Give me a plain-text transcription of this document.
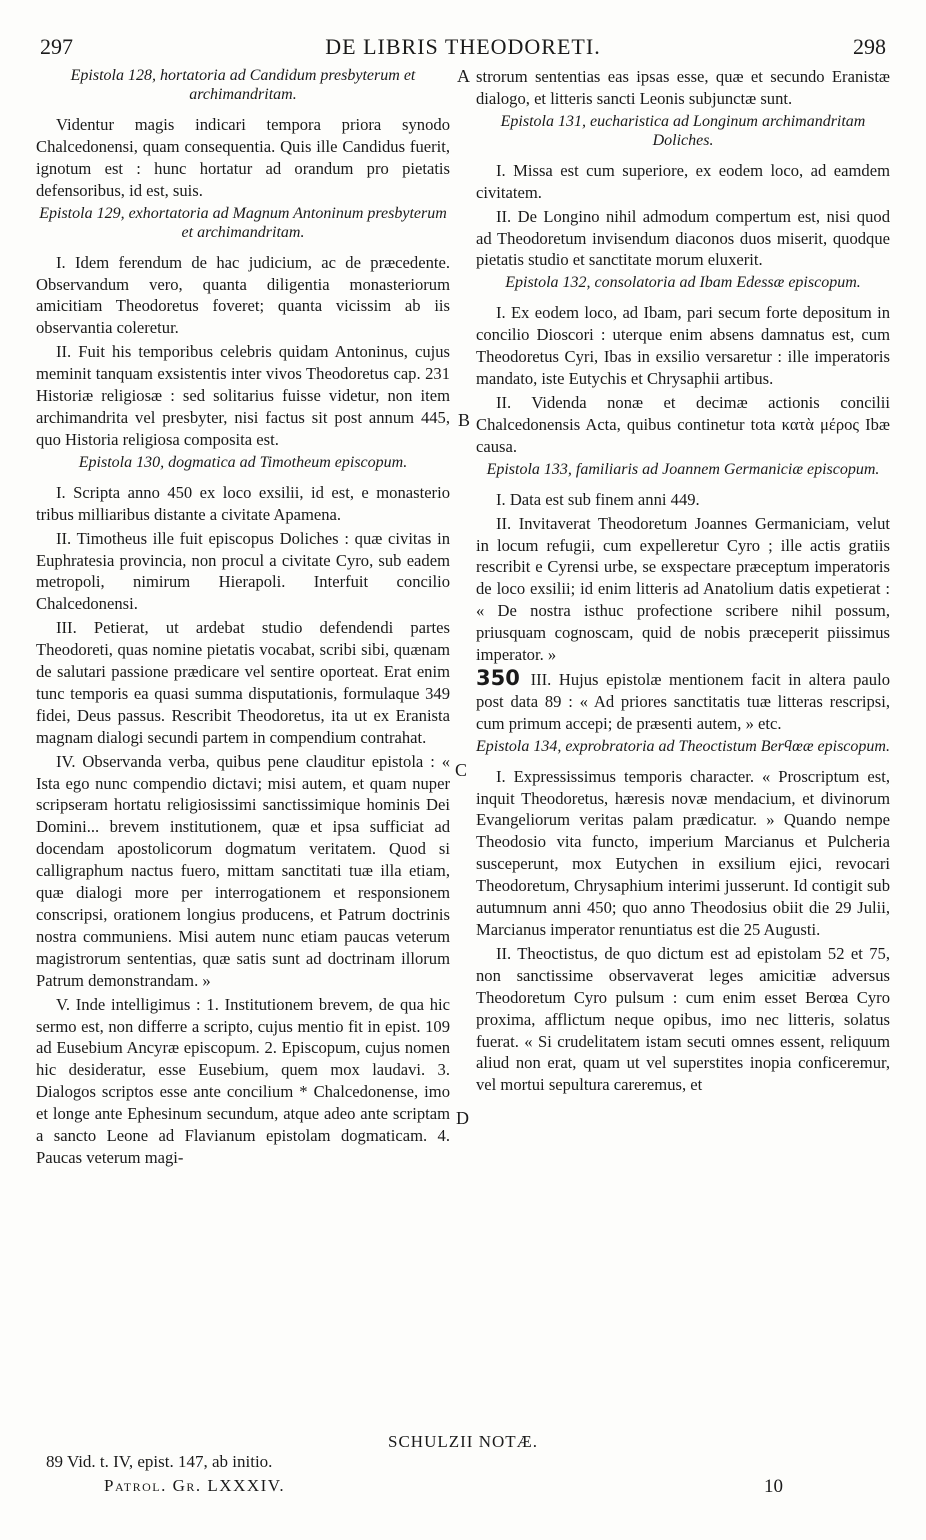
297	DE LIBRIS THEODORETI.	298
A
B
C
D

Epistola 128, hortatoria ad Candidum presbyterum et archimandritam.

Videntur magis indicari tempora priora synodo Chalcedonensi, quam consequentia. Quis ille Candidus fuerit, ignotum est : hunc hortatur ad orandum pro pietatis defensoribus, id est, suis.

Epistola 129, exhortatoria ad Magnum Antoninum presbyterum et archimandritam.

I. Idem ferendum de hac judicium, ac de præcedente. Observandum vero, quanta diligentia monasteriorum amicitiam Theodoretus foveret; quanta vicissim ab iis observantia coleretur.

II. Fuit his temporibus celebris quidam Antoninus, cujus meminit tanquam exsistentis inter vivos Theodoretus cap. 231 Historiæ religiosæ : sed solitarius fuisse videtur, non item archimandrita vel presbyter, nisi factus sit post annum 445, quo Historia religiosa composita est.

Epistola 130, dogmatica ad Timotheum episcopum.

I. Scripta anno 450 ex loco exsilii, id est, e monasterio tribus milliaribus distante a civitate Apamena.

II. Timotheus ille fuit episcopus Doliches : quæ civitas in Euphratesia provincia, non procul a civitate Cyro, sub eadem metropoli, nimirum Hierapoli. Interfuit concilio Chalcedonensi.

III. Petierat, ut ardebat studio defendendi partes Theodoreti, quas nomine pietatis vocabat, scribi sibi, quænam de salutari passione prædicare vel sentire oporteat. Erat enim tunc temporis ea quasi summa disputationis, formulaque 349 fidei, Deus passus. Rescribit Theodoretus, ita ut ex Eranista magnam dialogi secundi partem in compendium contrahat.

IV. Observanda verba, quibus pene clauditur epistola : « Ista ego nunc compendio dictavi; misi autem, et quam nuper scripseram hortatu religiosissimi sanctissimique hominis Dei Domini... brevem institutionem, quæ et ipsa sufficiat ad docendam apostolicorum dogmatum veritatem. Quod si calligraphum nactus fuero, mittam sanctitati tuæ illa etiam, quæ dialogi more per interrogationem et responsionem conscripsi, orationem longius producens, et Patrum doctrinis nostra communiens. Misi autem nunc etiam paucas veterum magistrorum sententias, quæ satis sunt ad doctrinam illorum Patrum demonstrandam. »

V. Inde intelligimus : 1. Institutionem brevem, de qua hic sermo est, non differre a scripto, cujus mentio fit in epist. 109 ad Eusebium Ancyræ episcopum. 2. Episcopum, cujus nomen hic desideratur, esse Eusebium, quem mox laudavi. 3. Dialogos scriptos esse ante concilium * Chalcedonense, imo et longe ante Ephesinum secundum, atque adeo ante scriptam a sancto Leone ad Flavianum epistolam dogmaticam. 4. Paucas veterum magi-

strorum sententias eas ipsas esse, quæ et secundo Eranistæ dialogo, et litteris sancti Leonis subjunctæ sunt.

Epistola 131, eucharistica ad Longinum archimandritam Doliches.

I. Missa est cum superiore, ex eodem loco, ad eamdem civitatem.

II. De Longino nihil admodum compertum est, nisi quod ad Theodoretum invisendum diaconos duos miserit, quodque pietatis studio et sanctitate morum eluxerit.

Epistola 132, consolatoria ad Ibam Edessæ episcopum.

I. Ex eodem loco, ad Ibam, pari secum forte depositum in concilio Dioscori : uterque enim absens damnatus est, cum Theodoretus Cyri, Ibas in exsilio versaretur : ille imperatoris mandato, iste Eutychis et Chrysaphii artibus.

II. Videnda nonæ et decimæ actionis concilii Chalcedonensis Acta, quibus continetur tota κατὰ μέρος Ibæ causa.

Epistola 133, familiaris ad Joannem Germaniciæ episcopum.

I. Data est sub finem anni 449.

II. Invitaverat Theodoretum Joannes Germaniciam, velut in locum refugii, cum expelleretur Cyro ; ille actis gratiis rescribit e Cyrensi urbe, se exspectare præceptum imperatoris de loco exsilii; id enim litteris ad Anatolium datis expetierat : « De nostra isthuc profectione scribere nihil possum, priusquam cognoscam, quid de nobis præceperit piissimus imperator. »

350 III. Hujus epistolæ mentionem facit in altera paulo post data 89 : « Ad priores sanctitatis tuæ litteras rescripsi, cum primum accepi; de præsenti autem, » etc.

Epistola 134, exprobratoria ad Theoctistum Berϥœæ episcopum.

I. Expressissimus temporis character. « Proscriptum est, inquit Theodoretus, hæresis novæ mendacium, et divinorum Evangeliorum veritas palam prædicatur. » Quando nempe Theodosio vita functo, imperium Marcianus et Pulcheria susceperunt, mox Eutychen in exsilium ejici, revocari Theodoretum, Chrysaphium interimi jusserunt. Id contigit sub autumnum anni 450; quo anno Theodosius obiit die 29 Julii, Marcianus imperator renuntiatus est die 25 Augusti.

II. Theoctistus, de quo dictum est ad epistolam 52 et 75, non sanctissime observaverat leges amicitiæ adversus Theodoretum Cyro pulsum : cum enim esset Berœa Cyro proxima, afflictum neque opibus, imo nec litteris, solatus fuerat. « Si crudelitatem istam secuti omnes essent, reliquum aliud non erat, quam ut vel superstites inopia conficeremur, vel mortui sepultura careremus, et

SCHULZII NOTÆ.
89 Vid. t. IV, epist. 147, ab initio.
Patrol. Gr. LXXXIV.	10
